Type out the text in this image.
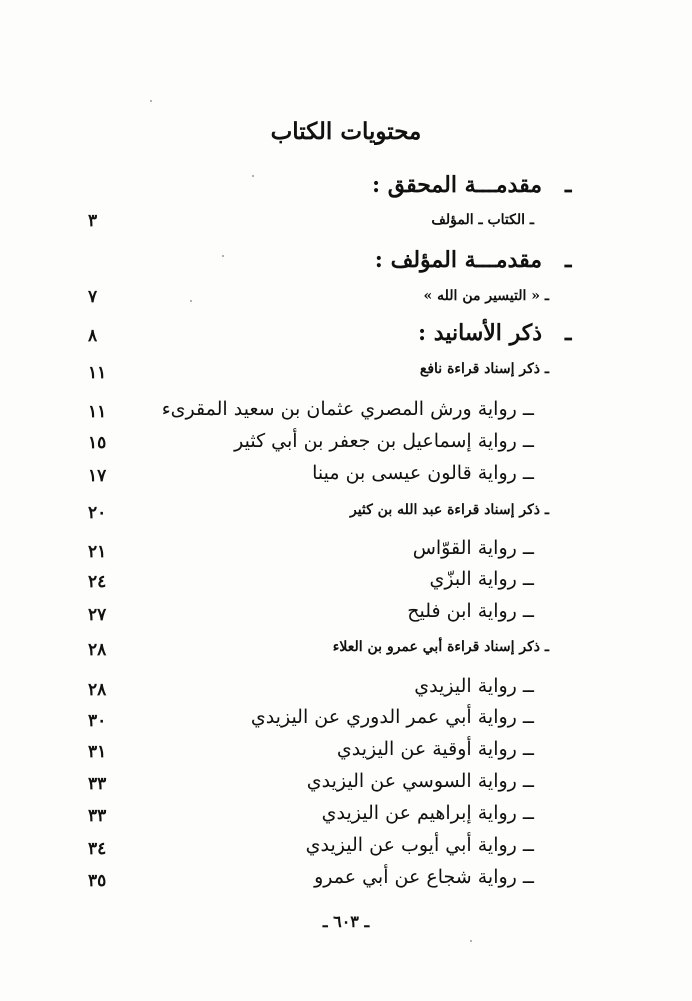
محتويات الكتاب
مقدمـــة المحقق : ـ
ـ الكتاب ـ المؤلف
٣
مقدمـــة المؤلف : ـ
ـ « التيسير من الله »
٧
ذكر الأسانيد : ـ
٨
ـ ذكر إسناد قراءة نافع
١١
ــ رواية ورش المصري عثمان بن سعيد المقرىء
١١
ــ رواية إسماعيل بن جعفر بن أبي كثير
١٥
ــ رواية قالون عيسى بن مينا
١٧
ـ ذكر إسناد قراءة عبد الله بن كثير
٢٠
ــ رواية القوّاس
٢١
ــ رواية البزّي
٢٤
ــ رواية ابن فليح
٢٧
ـ ذكر إسناد قراءة أبي عمرو بن العلاء
٢٨
ــ رواية اليزيدي
٢٨
ــ رواية أبي عمر الدوري عن اليزيدي
٣٠
ــ رواية أوقية عن اليزيدي
٣١
ــ رواية السوسي عن اليزيدي
٣٣
ــ رواية إبراهيم عن اليزيدي
٣٣
ــ رواية أبي أيوب عن اليزيدي
٣٤
ــ رواية شجاع عن أبي عمرو
٣٥
ـ ٦٠٣ ـ
